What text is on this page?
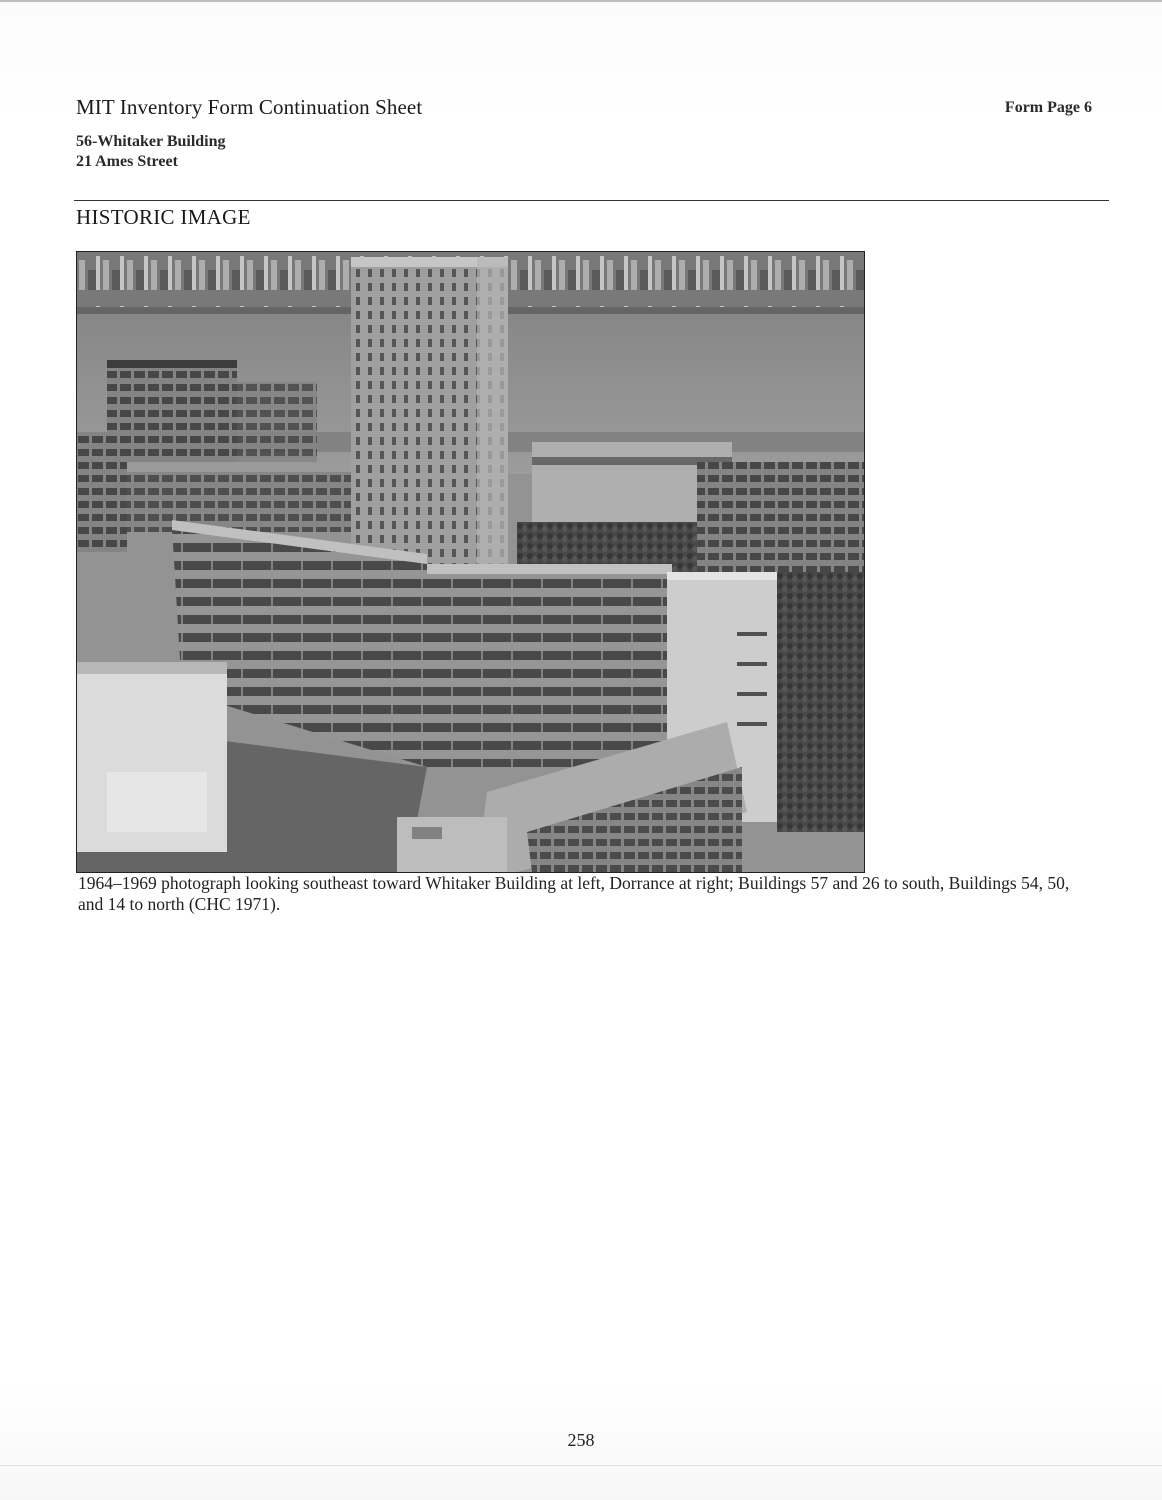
MIT Inventory Form Continuation Sheet	Form Page 6

56-Whitaker Building

21 Ames Street

HISTORIC IMAGE

1964–1969 photograph looking southeast toward Whitaker Building at left, Dorrance at right; Buildings 57 and 26 to south, Buildings 54, 50, and 14 to north (CHC 1971).

258
